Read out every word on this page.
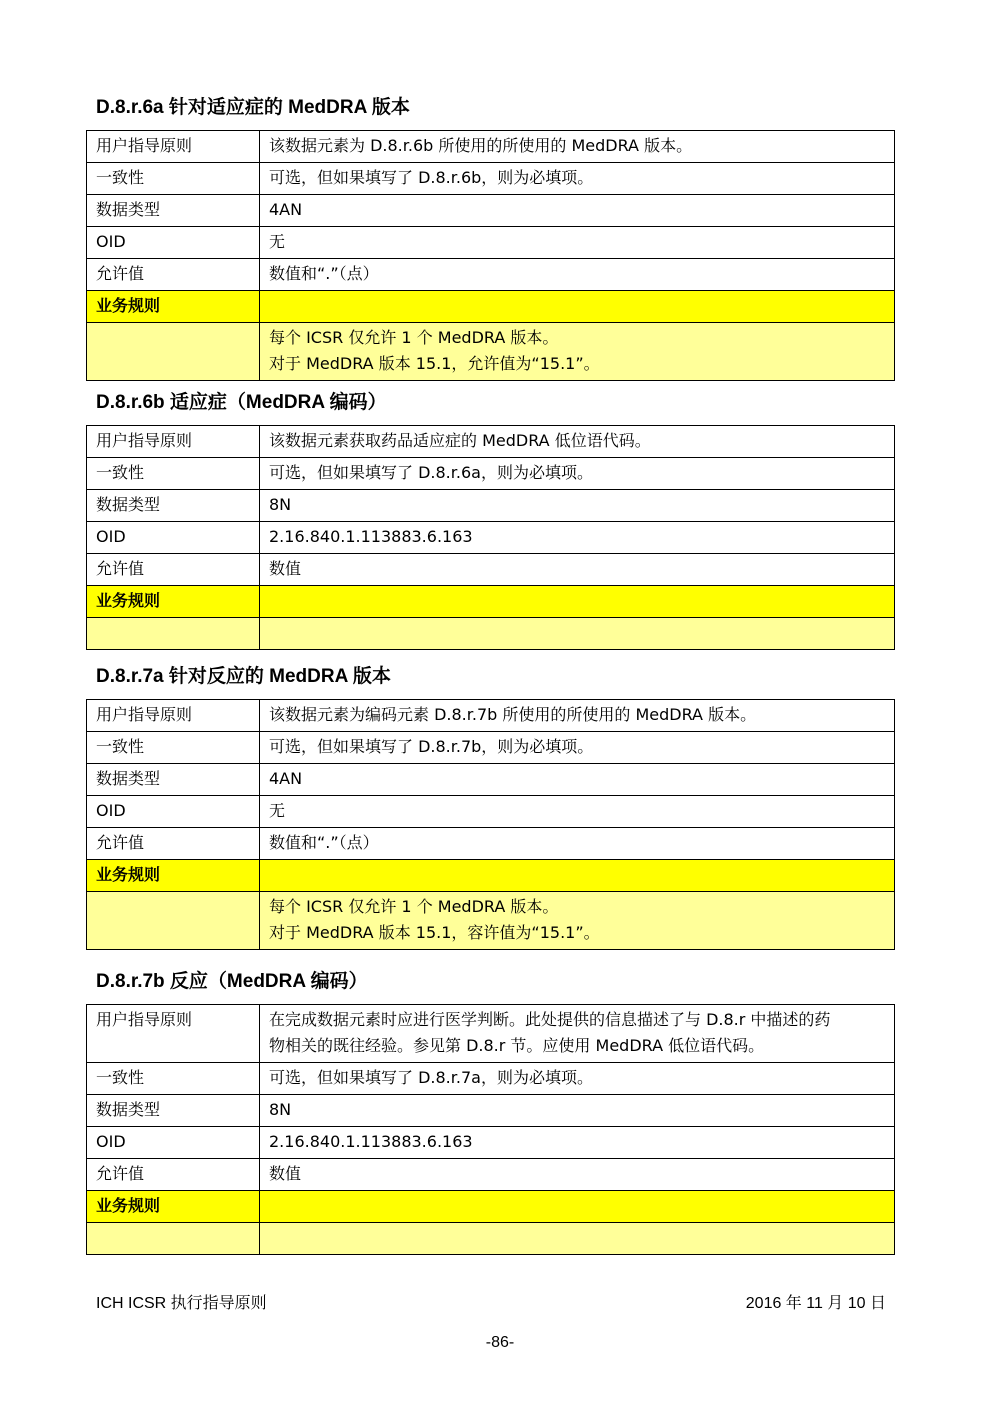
D.8.r.6a 针对适应症的 MedDRA 版本
用户指导原则	该数据元素为 D.8.r.6b 所使用的所使用的 MedDRA 版本。

一致性	可选，但如果填写了 D.8.r.6b，则为必填项。
数据类型	4AN
OID	无
允许值	数值和“.”（点）
业务规则	

	每个 ICSR 仅允许 1 个 MedDRA 版本。
对于 MedDRA 版本 15.1，允许值为“15.1”。
D.8.r.6b 适应症（MedDRA 编码）
用户指导原则	该数据元素获取药品适应症的 MedDRA 低位语代码。

一致性	可选，但如果填写了 D.8.r.6a，则为必填项。
数据类型	8N
OID	2.16.840.1.113883.6.163
允许值	数值
业务规则	

D.8.r.7a 针对反应的 MedDRA 版本
用户指导原则	该数据元素为编码元素 D.8.r.7b 所使用的所使用的 MedDRA 版本。

一致性	可选，但如果填写了 D.8.r.7b，则为必填项。
数据类型	4AN
OID	无
允许值	数值和“.”（点）
业务规则	

	每个 ICSR 仅允许 1 个 MedDRA 版本。
对于 MedDRA 版本 15.1，容许值为“15.1”。
D.8.r.7b 反应（MedDRA 编码）
用户指导原则	在完成数据元素时应进行医学判断。此处提供的信息描述了与 D.8.r 中描述的药
物相关的既往经验。参见第 D.8.r 节。应使用 MedDRA 低位语代码。

一致性	可选，但如果填写了 D.8.r.7a，则为必填项。
数据类型	8N
OID	2.16.840.1.113883.6.163
允许值	数值
业务规则	

ICH ICSR 执行指导原则	2016 年 11 月 10 日
-86-
